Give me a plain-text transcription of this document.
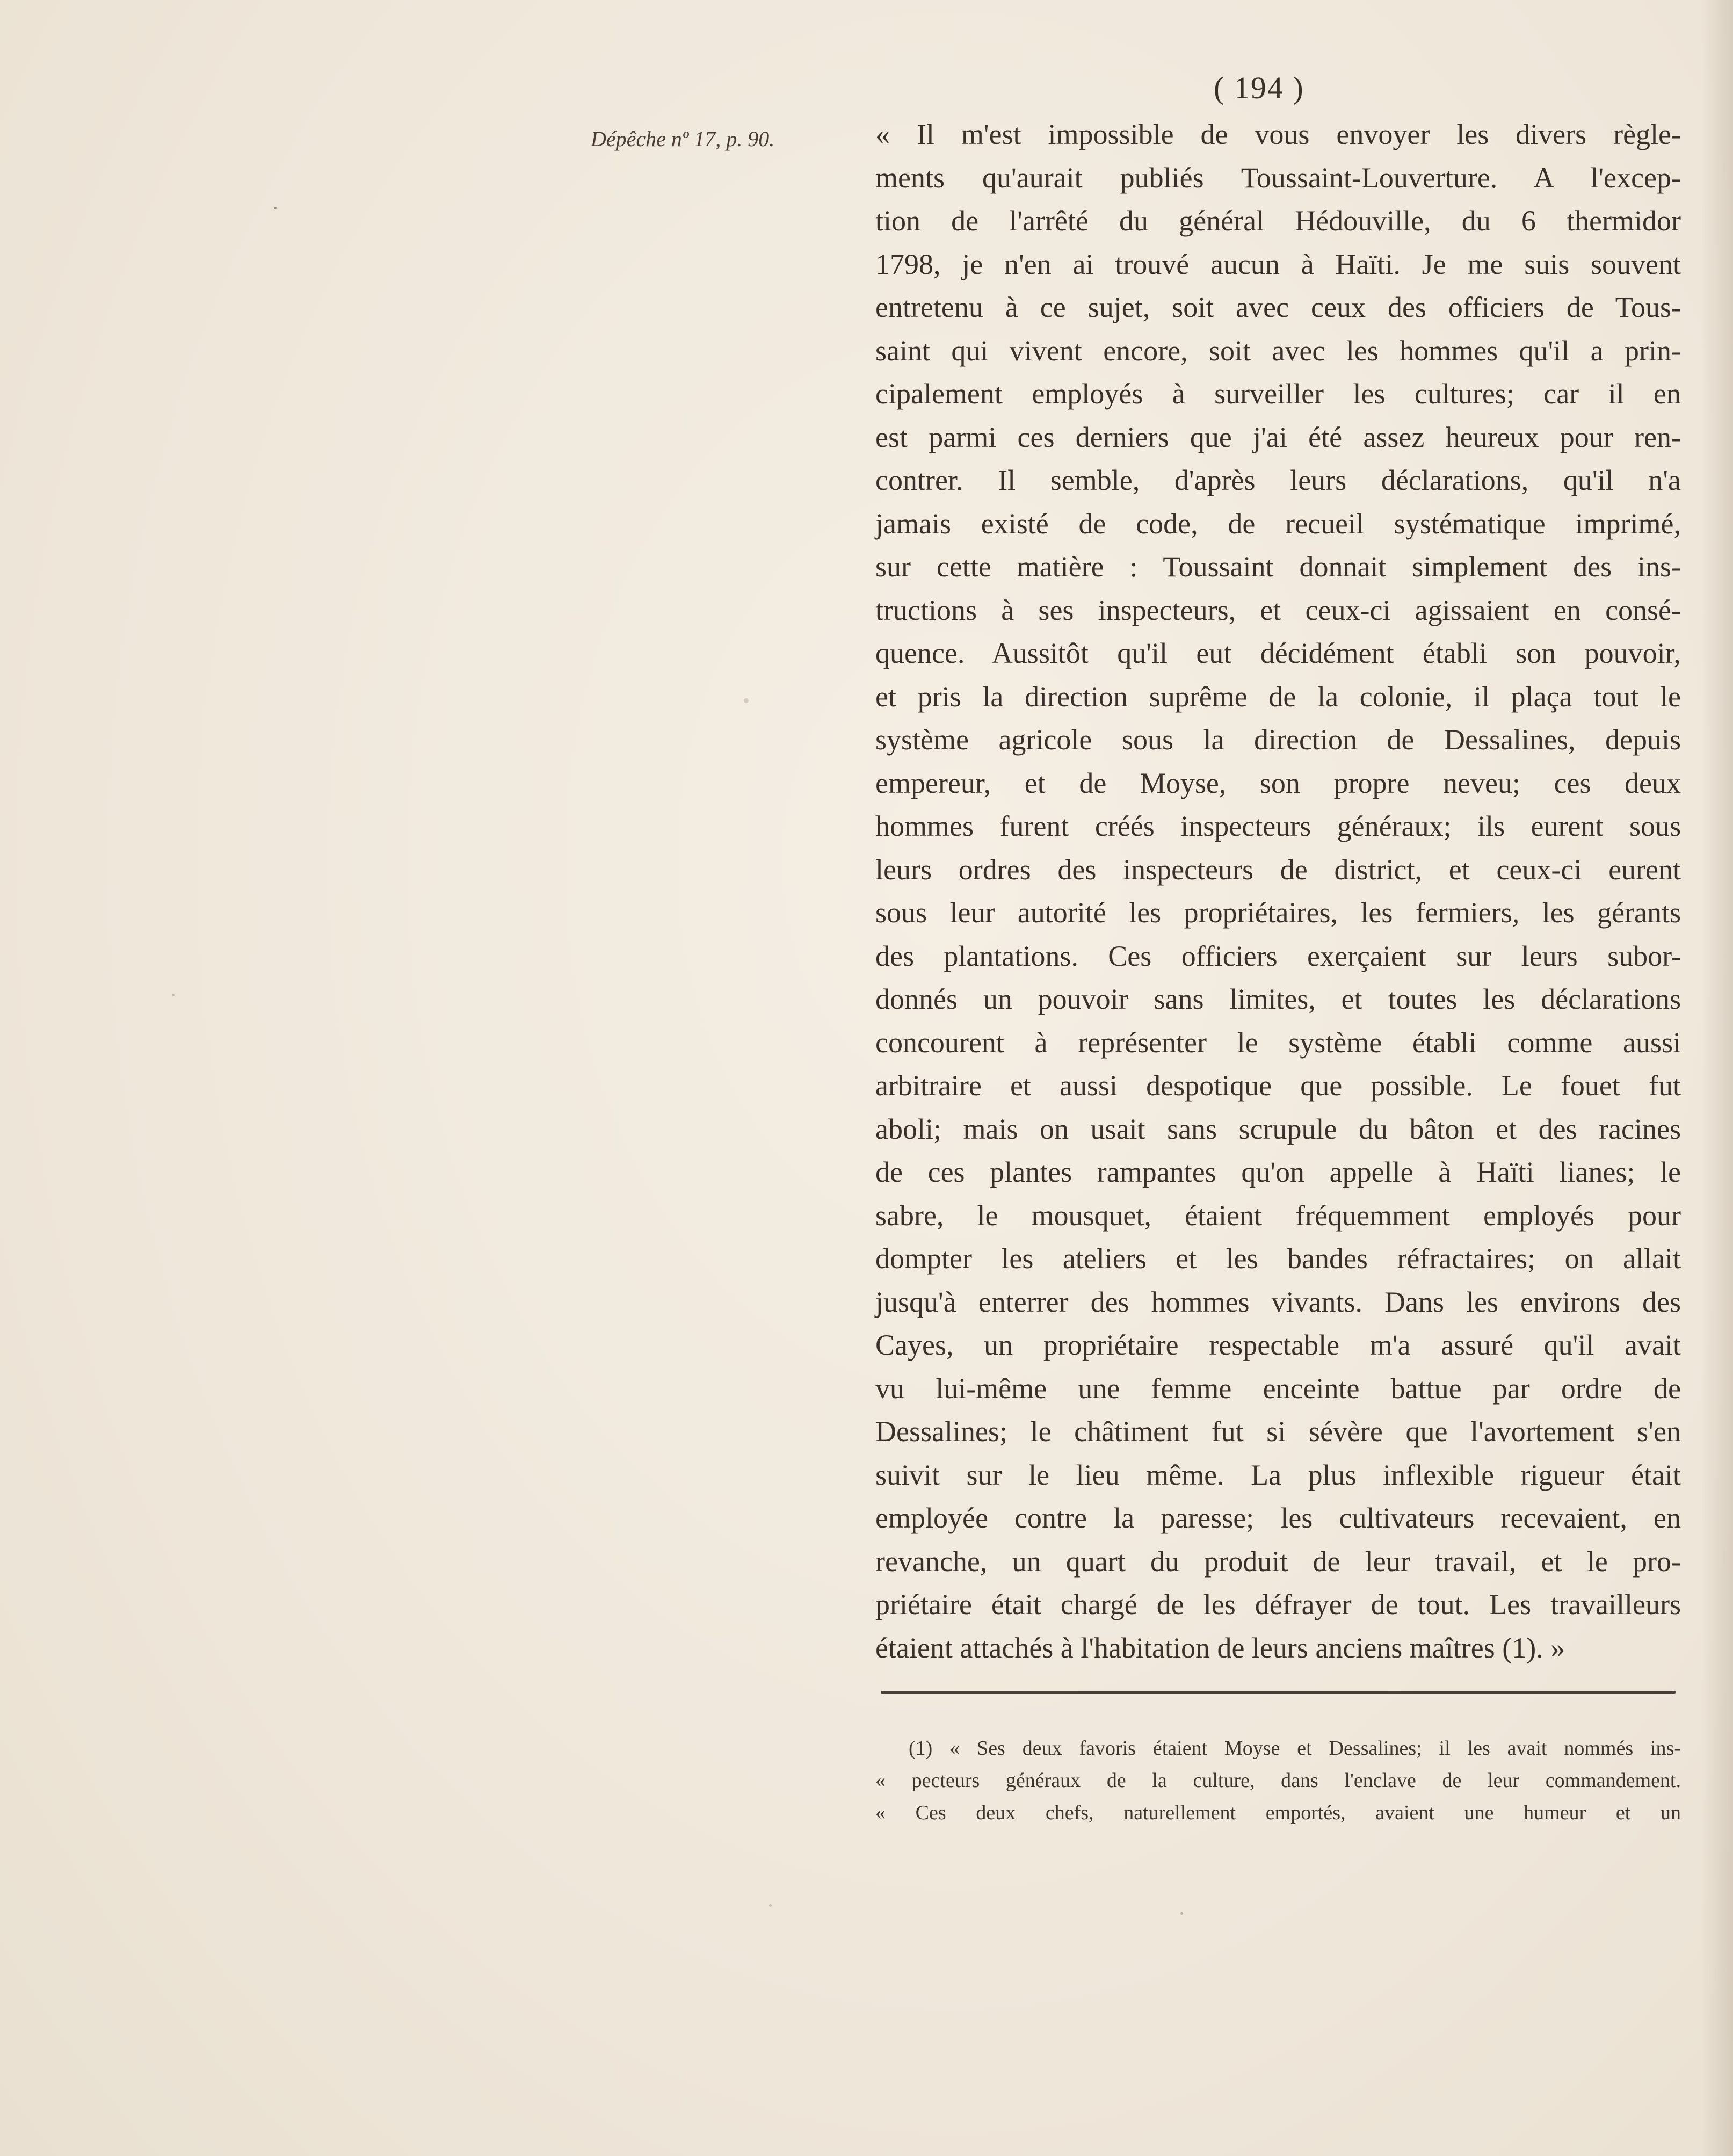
( 194 )
Dépêche nº 17, p. 90.	« Il m'est impossible de vous envoyer les divers règle-
ments qu'aurait publiés Toussaint-Louverture. A l'excep-
tion de l'arrêté du général Hédouville, du 6 thermidor
1798, je n'en ai trouvé aucun à Haïti. Je me suis souvent
entretenu à ce sujet, soit avec ceux des officiers de Tous-
saint qui vivent encore, soit avec les hommes qu'il a prin-
cipalement employés à surveiller les cultures; car il en
est parmi ces derniers que j'ai été assez heureux pour ren-
contrer. Il semble, d'après leurs déclarations, qu'il n'a
jamais existé de code, de recueil systématique imprimé,
sur cette matière : Toussaint donnait simplement des ins-
tructions à ses inspecteurs, et ceux-ci agissaient en consé-
quence. Aussitôt qu'il eut décidément établi son pouvoir,
et pris la direction suprême de la colonie, il plaça tout le
système agricole sous la direction de Dessalines, depuis
empereur, et de Moyse, son propre neveu; ces deux
hommes furent créés inspecteurs généraux; ils eurent sous
leurs ordres des inspecteurs de district, et ceux-ci eurent
sous leur autorité les propriétaires, les fermiers, les gérants
des plantations. Ces officiers exerçaient sur leurs subor-
donnés un pouvoir sans limites, et toutes les déclarations
concourent à représenter le système établi comme aussi
arbitraire et aussi despotique que possible. Le fouet fut
aboli; mais on usait sans scrupule du bâton et des racines
de ces plantes rampantes qu'on appelle à Haïti lianes; le
sabre, le mousquet, étaient fréquemment employés pour
dompter les ateliers et les bandes réfractaires; on allait
jusqu'à enterrer des hommes vivants. Dans les environs des
Cayes, un propriétaire respectable m'a assuré qu'il avait
vu lui-même une femme enceinte battue par ordre de
Dessalines; le châtiment fut si sévère que l'avortement s'en
suivit sur le lieu même. La plus inflexible rigueur était
employée contre la paresse; les cultivateurs recevaient, en
revanche, un quart du produit de leur travail, et le pro-
priétaire était chargé de les défrayer de tout. Les travailleurs
étaient attachés à l'habitation de leurs anciens maîtres (1). »
(1) « Ses deux favoris étaient Moyse et Dessalines; il les avait nommés ins-
« pecteurs généraux de la culture, dans l'enclave de leur commandement.
« Ces deux chefs, naturellement emportés, avaient une humeur et un
